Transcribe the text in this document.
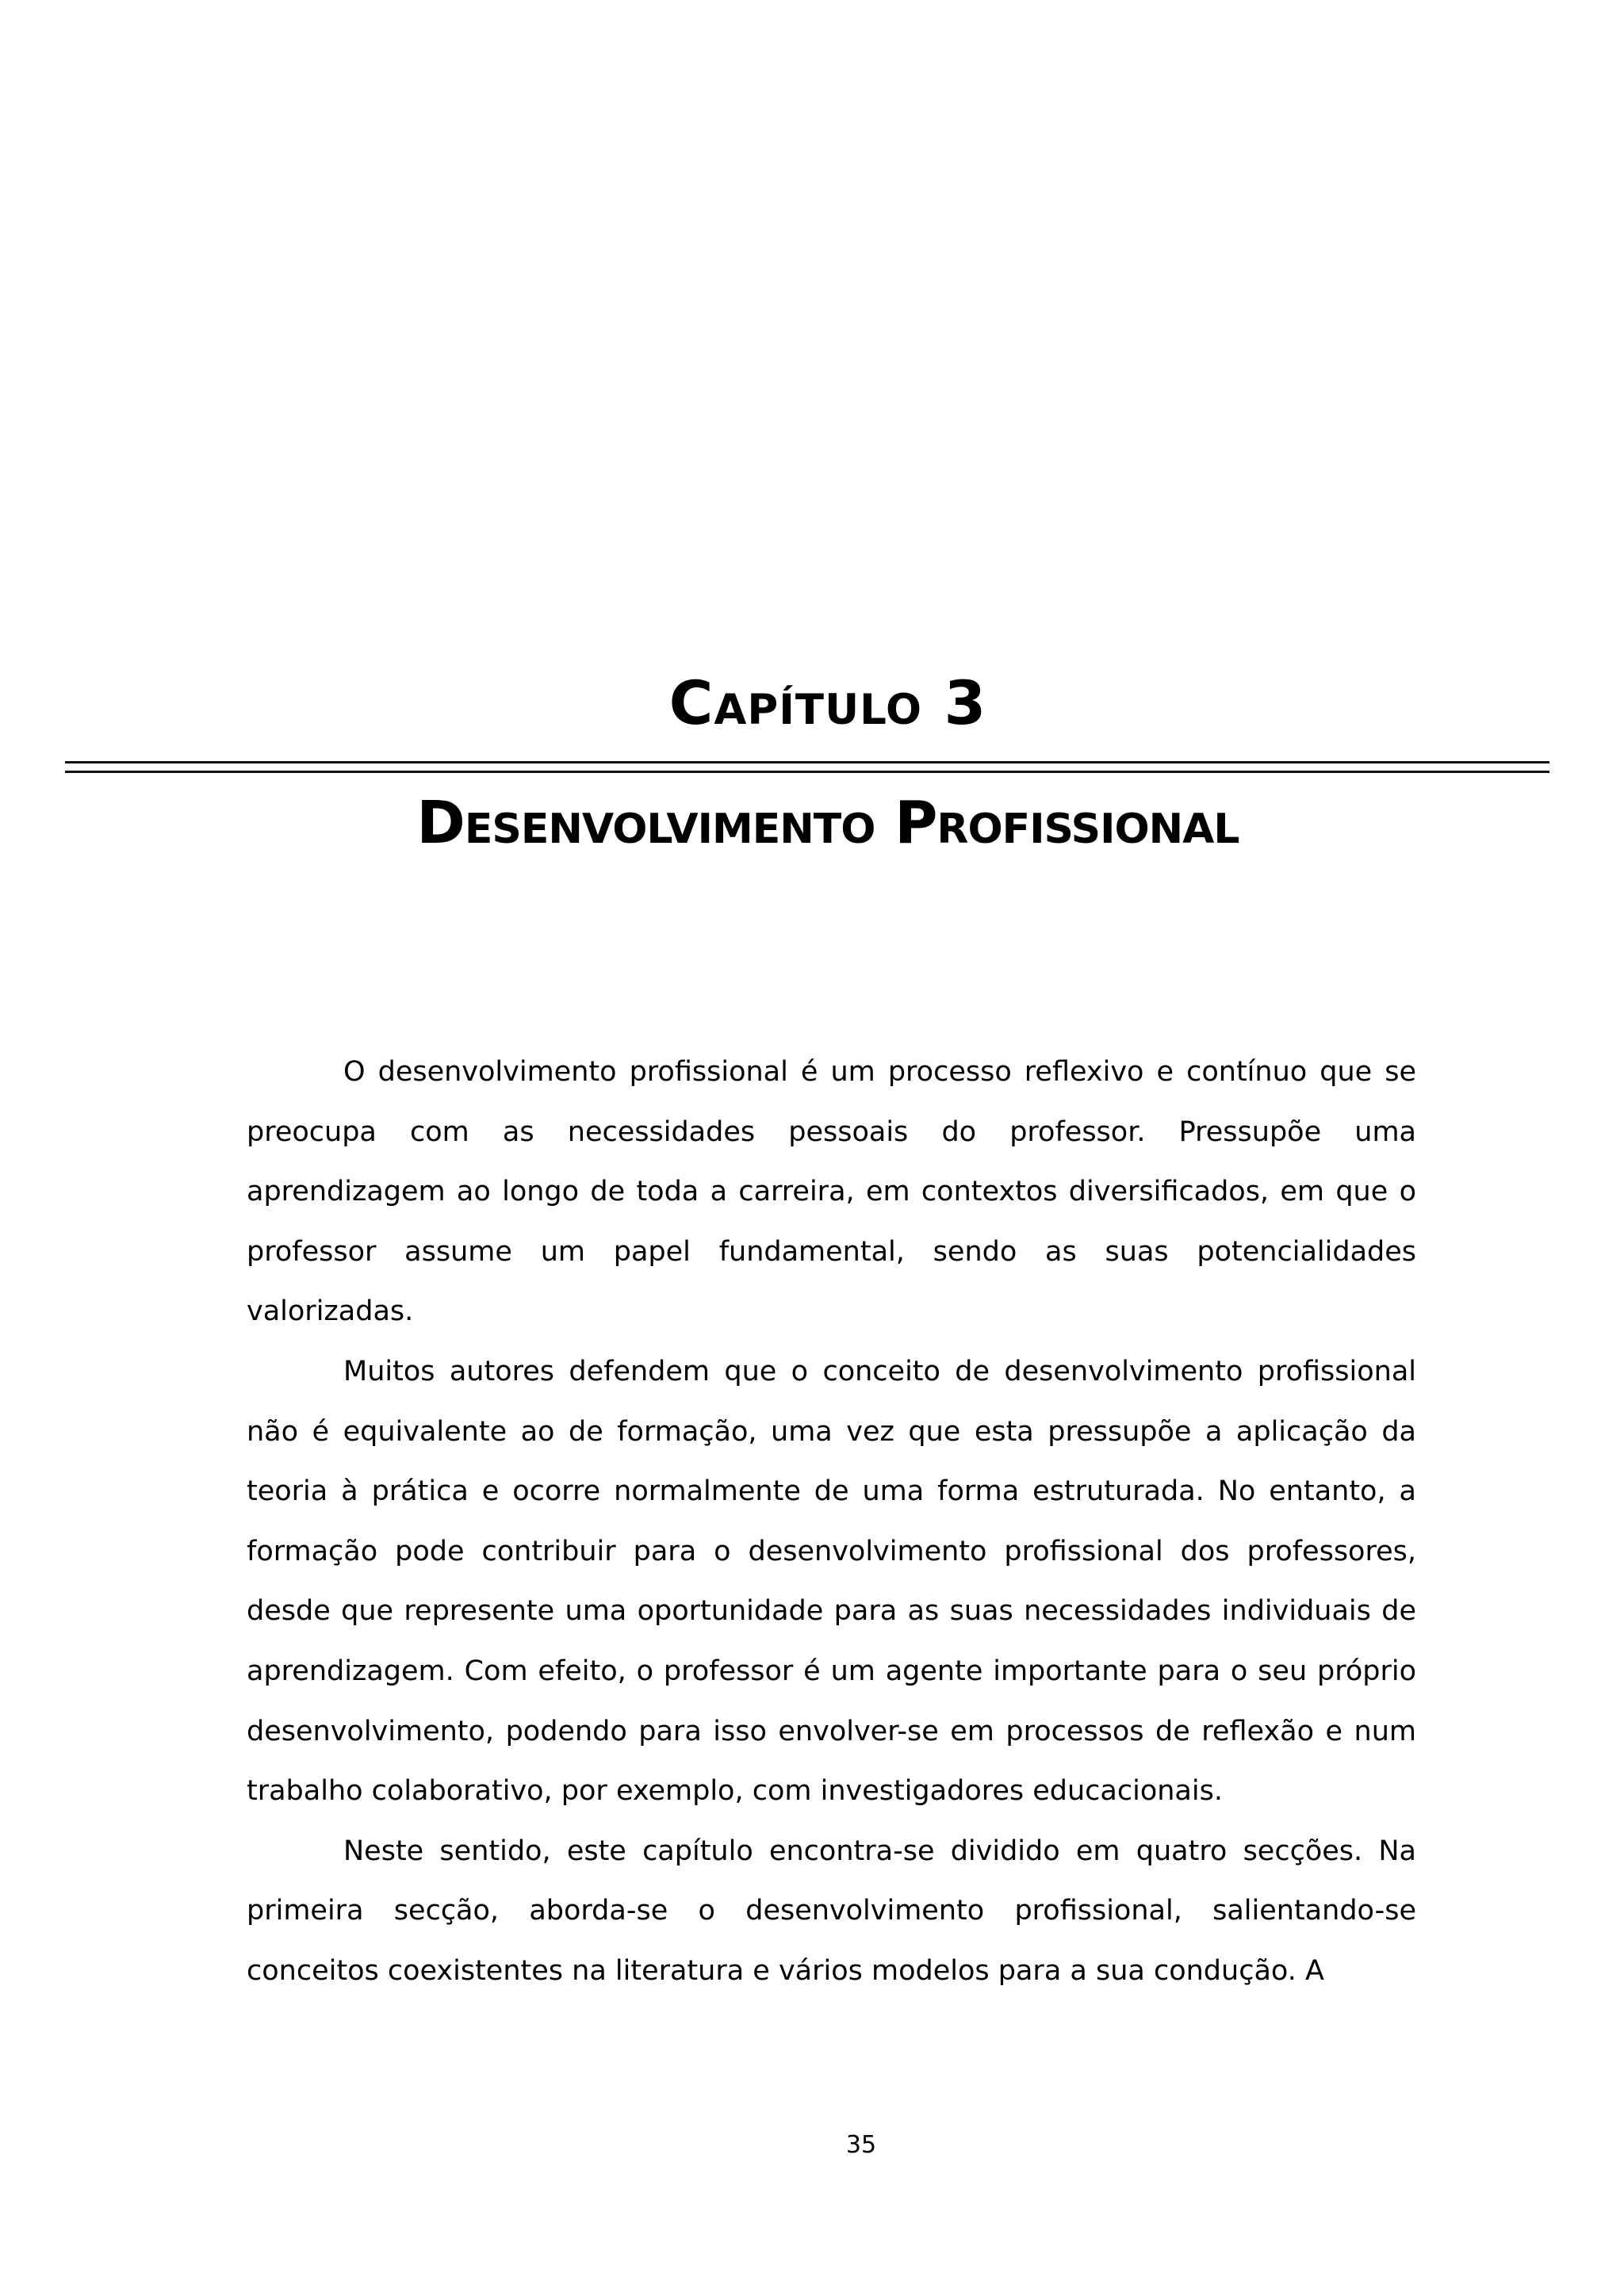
Capítulo 3
Desenvolvimento Profissional

O desenvolvimento profissional é um processo reflexivo e contínuo que se preocupa com as necessidades pessoais do professor. Pressupõe uma aprendizagem ao longo de toda a carreira, em contextos diversificados, em que o professor assume um papel fundamental, sendo as suas potencialidades valorizadas.

Muitos autores defendem que o conceito de desenvolvimento profissional não é equivalente ao de formação, uma vez que esta pressupõe a aplicação da teoria à prática e ocorre normalmente de uma forma estruturada. No entanto, a formação pode contribuir para o desenvolvimento profissional dos professores, desde que represente uma oportunidade para as suas necessidades individuais de aprendizagem. Com efeito, o professor é um agente importante para o seu próprio desenvolvimento, podendo para isso envolver-se em processos de reflexão e num trabalho colaborativo, por exemplo, com investigadores educacionais.

Neste sentido, este capítulo encontra-se dividido em quatro secções. Na primeira secção, aborda-se o desenvolvimento profissional, salientando-se conceitos coexistentes na literatura e vários modelos para a sua condução. A

35
